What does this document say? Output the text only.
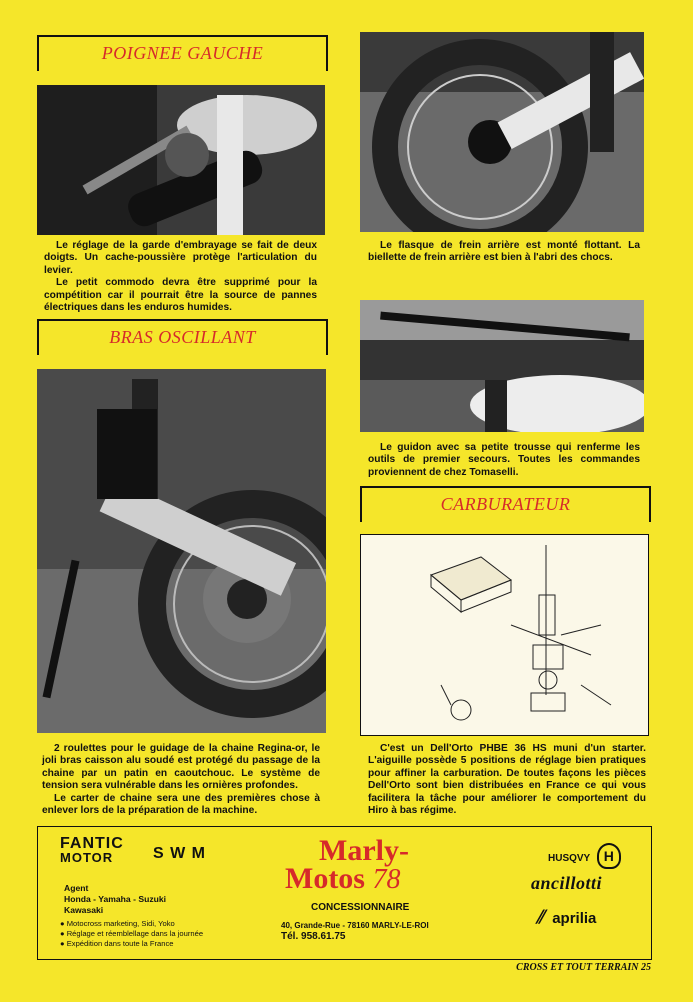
POIGNEE GAUCHE

Le réglage de la garde d'embrayage se fait de deux doigts. Un cache-poussière protège l'articulation du levier.

Le petit commodo devra être supprimé pour la compétition car il pourrait être la source de pannes électriques dans les enduros humides.

BRAS OSCILLANT

2 roulettes pour le guidage de la chaine Regina-or, le joli bras caisson alu soudé est protégé du passage de la chaine par un patin en caoutchouc. Le système de tension sera vulnérable dans les ornières profondes.

Le carter de chaine sera une des premières chose à enlever lors de la préparation de la machine.

Le flasque de frein arrière est monté flottant. La biellette de frein arrière est bien à l'abri des chocs.

H

Le guidon avec sa petite trousse qui renferme les outils de premier secours. Toutes les commandes proviennent de chez Tomaselli.

CARBURATEUR

C'est un Dell'Orto PHBE 36 HS muni d'un starter. L'aiguille possède 5 positions de réglage bien pratiques pour affiner la carburation. De toutes façons les pièces Dell'Orto sont bien distribuées en France ce qui vous facilitera la tâche pour améliorer le comportement du Hiro à bas régime.

FANTIC
MOTOR	S W M
Agent
Honda - Yamaha - Suzuki
Kawasaki
● Motocross marketing, Sidi, Yoko
● Réglage et réemblellage dans la journée
● Expédition dans toute la France
Marly-
Motos 78
CONCESSIONNAIRE
40, Grande-Rue - 78160 MARLY-LE-ROI
Tél. 958.61.75
HUSQVY H
ancillotti
⫽ aprilia
CROSS ET TOUT TERRAIN 25
